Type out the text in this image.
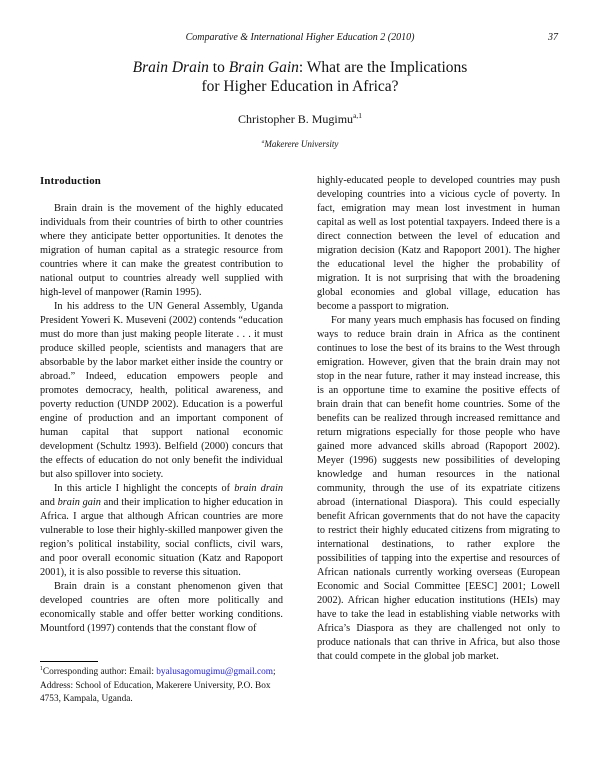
Comparative & International Higher Education 2 (2010)	37
Brain Drain to Brain Gain: What are the Implications
for Higher Education in Africa?
Christopher B. Mugimu$^{a,1}$
$^a$Makerere University
Introduction

Brain drain is the movement of the highly educated individuals from their countries of birth to other countries where they anticipate better opportunities. It denotes the migration of human capital as a strategic resource from countries where it can make the greatest contribution to national output to countries already well supplied with high-level of manpower (Ramin 1995).

In his address to the UN General Assembly, Uganda President Yoweri K. Museveni (2002) contends “education must do more than just making people literate . . . it must produce skilled people, scientists and managers that are absorbable by the labor market either inside the country or abroad.” Indeed, education empowers people and promotes democracy, health, political awareness, and poverty reduction (UNDP 2002). Education is a powerful engine of production and an important component of human capital that support national economic development (Schultz 1993). Belfield (2000) concurs that the effects of education do not only benefit the individual but also spillover into society.

In this article I highlight the concepts of brain drain and brain gain and their implication to higher education in Africa. I argue that although African countries are more vulnerable to lose their highly-skilled manpower given the region’s political instability, social conflicts, civil wars, and poor overall economic situation (Katz and Rapoport 2001), it is also possible to reverse this situation.

Brain drain is a constant phenomenon given that developed countries are often more politically and economically stable and offer better working conditions. Mountford (1997) contends that the constant flow of

$^1$Corresponding author: Email: byalusagomugimu@gmail.com; Address: School of Education, Makerere University, P.O. Box 4753, Kampala, Uganda.

highly-educated people to developed countries may push developing countries into a vicious cycle of poverty. In fact, emigration may mean lost investment in human capital as well as lost potential taxpayers. Indeed there is a direct connection between the level of education and migration decision (Katz and Rapoport 2001). The higher the educational level the higher the probability of migration. It is not surprising that with the broadening global economies and global village, education has become a passport to migration.

For many years much emphasis has focused on finding ways to reduce brain drain in Africa as the continent continues to lose the best of its brains to the West through emigration. However, given that the brain drain may not stop in the near future, rather it may instead increase, this is an opportune time to examine the positive effects of brain drain that can benefit home countries. Some of the benefits can be realized through increased remittance and return migrations especially for those people who have gained more advanced skills abroad (Rapoport 2002). Meyer (1996) suggests new possibilities of developing knowledge and human resources in the national community, through the use of its expatriate citizens abroad (international Diaspora). This could especially benefit African governments that do not have the capacity to restrict their highly educated citizens from migrating to international destinations, to rather explore the possibilities of tapping into the expertise and resources of African nationals currently working overseas (European Economic and Social Committee [EESC] 2001; Lowell 2002). African higher education institutions (HEIs) may have to take the lead in establishing viable networks with Africa’s Diaspora as they are challenged not only to produce nationals that can thrive in Africa, but also those that could compete in the global job market.
